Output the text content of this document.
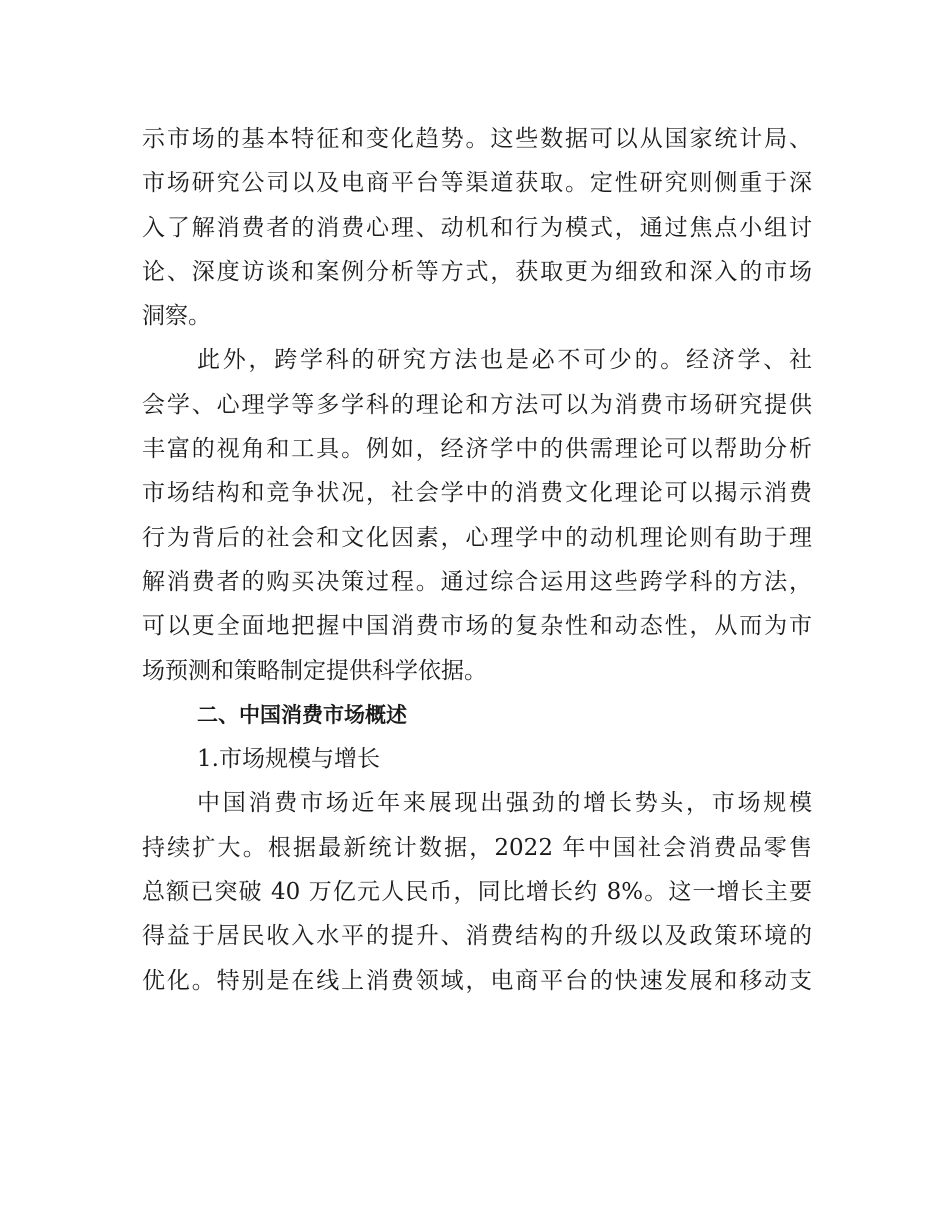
示市场的基本特征和变化趋势。这些数据可以从国家统计局、
市场研究公司以及电商平台等渠道获取。定性研究则侧重于深
入了解消费者的消费心理、动机和行为模式，通过焦点小组讨
论、深度访谈和案例分析等方式，获取更为细致和深入的市场
洞察。
此外，跨学科的研究方法也是必不可少的。经济学、社
会学、心理学等多学科的理论和方法可以为消费市场研究提供
丰富的视角和工具。例如，经济学中的供需理论可以帮助分析
市场结构和竞争状况，社会学中的消费文化理论可以揭示消费
行为背后的社会和文化因素，心理学中的动机理论则有助于理
解消费者的购买决策过程。通过综合运用这些跨学科的方法，
可以更全面地把握中国消费市场的复杂性和动态性，从而为市
场预测和策略制定提供科学依据。
二、中国消费市场概述
1.市场规模与增长
中国消费市场近年来展现出强劲的增长势头，市场规模
持续扩大。根据最新统计数据，2022 年中国社会消费品零售
总额已突破 40 万亿元人民币，同比增长约 8%。这一增长主要
得益于居民收入水平的提升、消费结构的升级以及政策环境的
优化。特别是在线上消费领域，电商平台的快速发展和移动支
